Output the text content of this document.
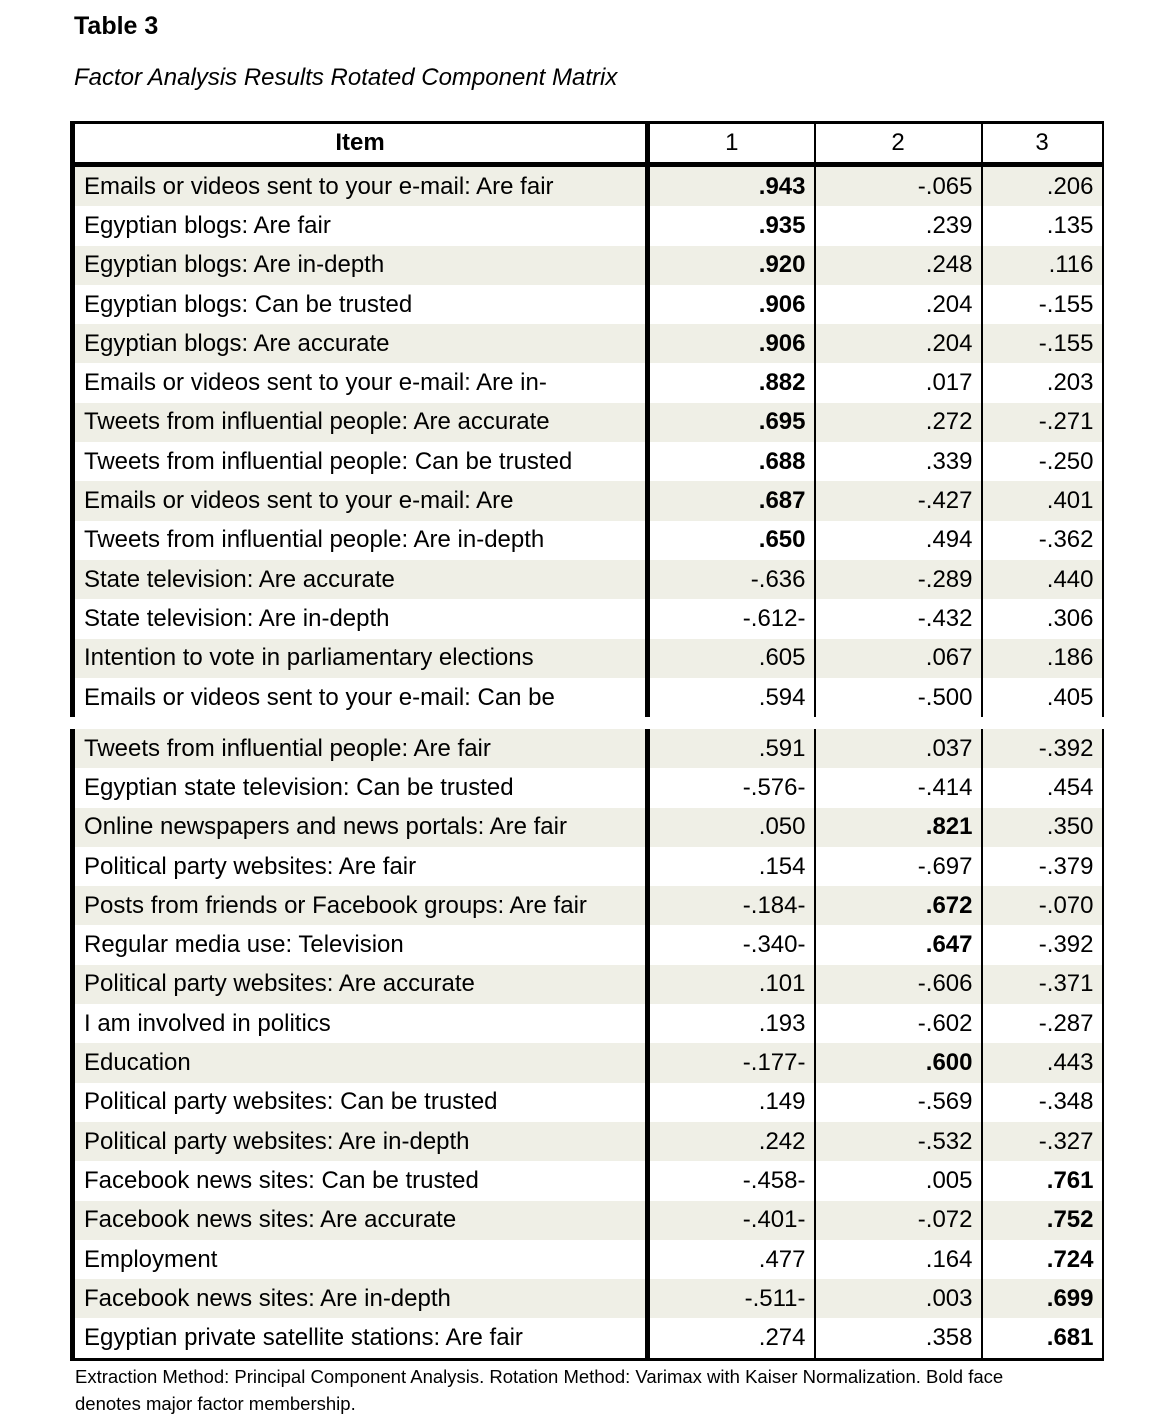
Table 3
Factor Analysis Results Rotated Component Matrix
Item	1	2	3
Emails or videos sent to your e-mail: Are fair	.943	-.065	.206
Egyptian blogs: Are fair	.935	.239	.135
Egyptian blogs: Are in-depth	.920	.248	.116
Egyptian blogs: Can be trusted	.906	.204	-.155
Egyptian blogs: Are accurate	.906	.204	-.155
Emails or videos sent to your e-mail: Are in-	.882	.017	.203
Tweets from influential people: Are accurate	.695	.272	-.271
Tweets from influential people: Can be trusted	.688	.339	-.250
Emails or videos sent to your e-mail: Are	.687	-.427	.401
Tweets from influential people: Are in-depth	.650	.494	-.362
State television: Are accurate	-.636	-.289	.440
State television: Are in-depth	-.612-	-.432	.306
Intention to vote in parliamentary elections	.605	.067	.186
Emails or videos sent to your e-mail: Can be	.594	-.500	.405
Tweets from influential people: Are fair	.591	.037	-.392
Egyptian state television: Can be trusted	-.576-	-.414	.454
Online newspapers and news portals: Are fair	.050	.821	.350
Political party websites: Are fair	.154	-.697	-.379
Posts from friends or Facebook groups: Are fair	-.184-	.672	-.070
Regular media use: Television	-.340-	.647	-.392
Political party websites: Are accurate	.101	-.606	-.371
I am involved in politics	.193	-.602	-.287
Education	-.177-	.600	.443
Political party websites: Can be trusted	.149	-.569	-.348
Political party websites: Are in-depth	.242	-.532	-.327
Facebook news sites: Can be trusted	-.458-	.005	.761
Facebook news sites: Are accurate	-.401-	-.072	.752
Employment	.477	.164	.724
Facebook news sites: Are in-depth	-.511-	.003	.699
Egyptian private satellite stations: Are fair	.274	.358	.681
Extraction Method: Principal Component Analysis. Rotation Method: Varimax with Kaiser Normalization. Bold face denotes major factor membership.
